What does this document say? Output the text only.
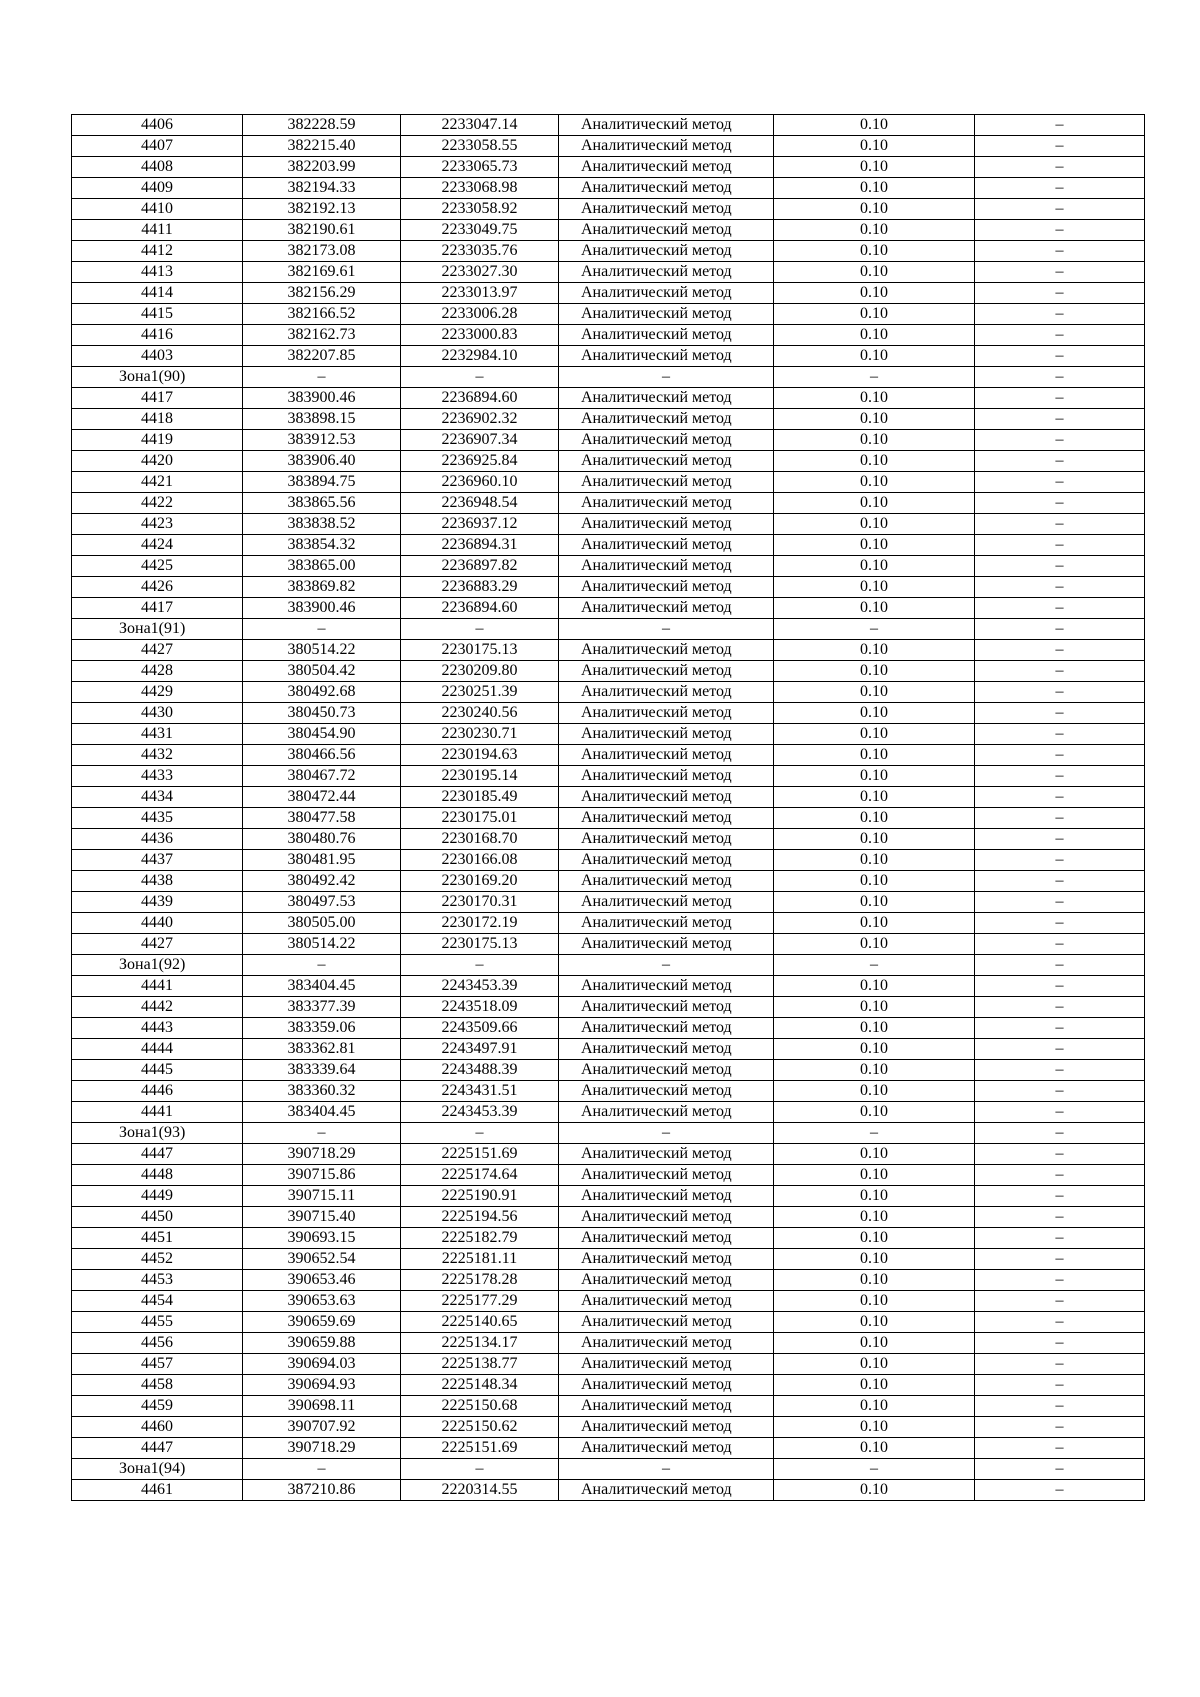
4406	382228.59	2233047.14	Аналитический метод	0.10	–
4407	382215.40	2233058.55	Аналитический метод	0.10	–
4408	382203.99	2233065.73	Аналитический метод	0.10	–
4409	382194.33	2233068.98	Аналитический метод	0.10	–
4410	382192.13	2233058.92	Аналитический метод	0.10	–
4411	382190.61	2233049.75	Аналитический метод	0.10	–
4412	382173.08	2233035.76	Аналитический метод	0.10	–
4413	382169.61	2233027.30	Аналитический метод	0.10	–
4414	382156.29	2233013.97	Аналитический метод	0.10	–
4415	382166.52	2233006.28	Аналитический метод	0.10	–
4416	382162.73	2233000.83	Аналитический метод	0.10	–
4403	382207.85	2232984.10	Аналитический метод	0.10	–
Зона1(90)	–	–	–	–	–
4417	383900.46	2236894.60	Аналитический метод	0.10	–
4418	383898.15	2236902.32	Аналитический метод	0.10	–
4419	383912.53	2236907.34	Аналитический метод	0.10	–
4420	383906.40	2236925.84	Аналитический метод	0.10	–
4421	383894.75	2236960.10	Аналитический метод	0.10	–
4422	383865.56	2236948.54	Аналитический метод	0.10	–
4423	383838.52	2236937.12	Аналитический метод	0.10	–
4424	383854.32	2236894.31	Аналитический метод	0.10	–
4425	383865.00	2236897.82	Аналитический метод	0.10	–
4426	383869.82	2236883.29	Аналитический метод	0.10	–
4417	383900.46	2236894.60	Аналитический метод	0.10	–
Зона1(91)	–	–	–	–	–
4427	380514.22	2230175.13	Аналитический метод	0.10	–
4428	380504.42	2230209.80	Аналитический метод	0.10	–
4429	380492.68	2230251.39	Аналитический метод	0.10	–
4430	380450.73	2230240.56	Аналитический метод	0.10	–
4431	380454.90	2230230.71	Аналитический метод	0.10	–
4432	380466.56	2230194.63	Аналитический метод	0.10	–
4433	380467.72	2230195.14	Аналитический метод	0.10	–
4434	380472.44	2230185.49	Аналитический метод	0.10	–
4435	380477.58	2230175.01	Аналитический метод	0.10	–
4436	380480.76	2230168.70	Аналитический метод	0.10	–
4437	380481.95	2230166.08	Аналитический метод	0.10	–
4438	380492.42	2230169.20	Аналитический метод	0.10	–
4439	380497.53	2230170.31	Аналитический метод	0.10	–
4440	380505.00	2230172.19	Аналитический метод	0.10	–
4427	380514.22	2230175.13	Аналитический метод	0.10	–
Зона1(92)	–	–	–	–	–
4441	383404.45	2243453.39	Аналитический метод	0.10	–
4442	383377.39	2243518.09	Аналитический метод	0.10	–
4443	383359.06	2243509.66	Аналитический метод	0.10	–
4444	383362.81	2243497.91	Аналитический метод	0.10	–
4445	383339.64	2243488.39	Аналитический метод	0.10	–
4446	383360.32	2243431.51	Аналитический метод	0.10	–
4441	383404.45	2243453.39	Аналитический метод	0.10	–
Зона1(93)	–	–	–	–	–
4447	390718.29	2225151.69	Аналитический метод	0.10	–
4448	390715.86	2225174.64	Аналитический метод	0.10	–
4449	390715.11	2225190.91	Аналитический метод	0.10	–
4450	390715.40	2225194.56	Аналитический метод	0.10	–
4451	390693.15	2225182.79	Аналитический метод	0.10	–
4452	390652.54	2225181.11	Аналитический метод	0.10	–
4453	390653.46	2225178.28	Аналитический метод	0.10	–
4454	390653.63	2225177.29	Аналитический метод	0.10	–
4455	390659.69	2225140.65	Аналитический метод	0.10	–
4456	390659.88	2225134.17	Аналитический метод	0.10	–
4457	390694.03	2225138.77	Аналитический метод	0.10	–
4458	390694.93	2225148.34	Аналитический метод	0.10	–
4459	390698.11	2225150.68	Аналитический метод	0.10	–
4460	390707.92	2225150.62	Аналитический метод	0.10	–
4447	390718.29	2225151.69	Аналитический метод	0.10	–
Зона1(94)	–	–	–	–	–
4461	387210.86	2220314.55	Аналитический метод	0.10	–
